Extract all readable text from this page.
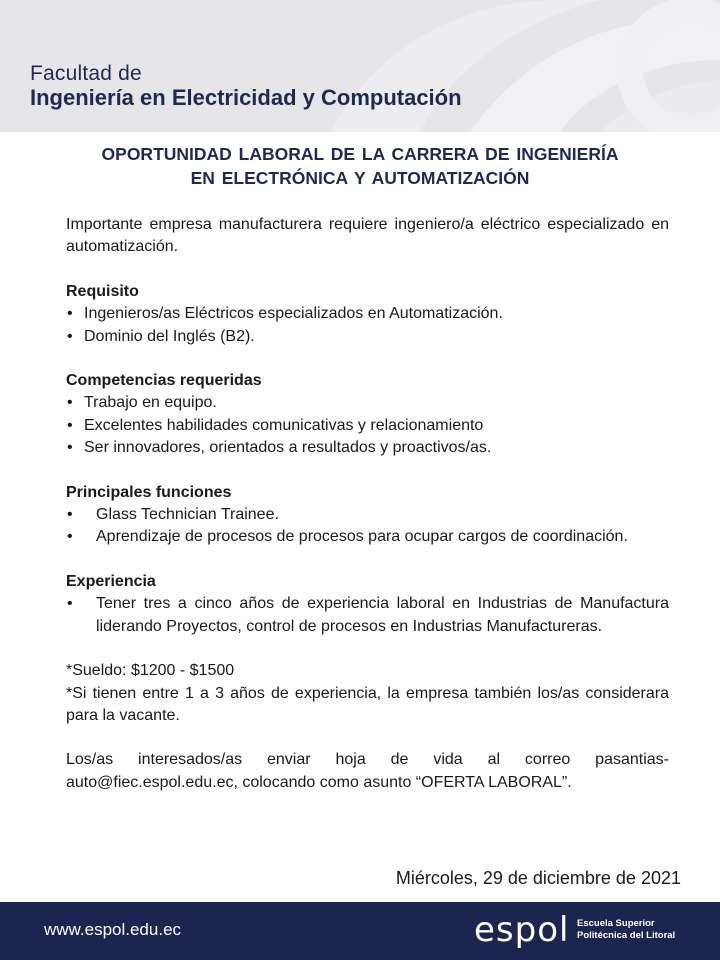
Facultad de
Ingeniería en Electricidad y Computación
OPORTUNIDAD LABORAL DE LA CARRERA DE INGENIERÍA
EN ELECTRÓNICA Y AUTOMATIZACIÓN

Importante empresa manufacturera requiere ingeniero/a eléctrico especializado en automatización.

Requisito

• Ingenieros/as Eléctricos especializados en Automatización.
• Dominio del Inglés (B2).

Competencias requeridas

• Trabajo en equipo.
• Excelentes habilidades comunicativas y relacionamiento
• Ser innovadores, orientados a resultados y proactivos/as.

Principales funciones

• Glass Technician Trainee.
• Aprendizaje de procesos de procesos para ocupar cargos de coordinación.

Experiencia

• Tener tres a cinco años de experiencia laboral en Industrias de Manufactura liderando Proyectos, control de procesos en Industrias Manufactureras.

*Sueldo: $1200 - $1500

*Si tienen entre 1 a 3 años de experiencia, la empresa también los/as considerara para la vacante.

Los/as interesados/as enviar hoja de vida al correo pasantias-auto@fiec.espol.edu.ec, colocando como asunto “OFERTA LABORAL”.

Miércoles, 29 de diciembre de 2021
www.espol.edu.ec	espol Escuela Superior
Politécnica del Litoral
